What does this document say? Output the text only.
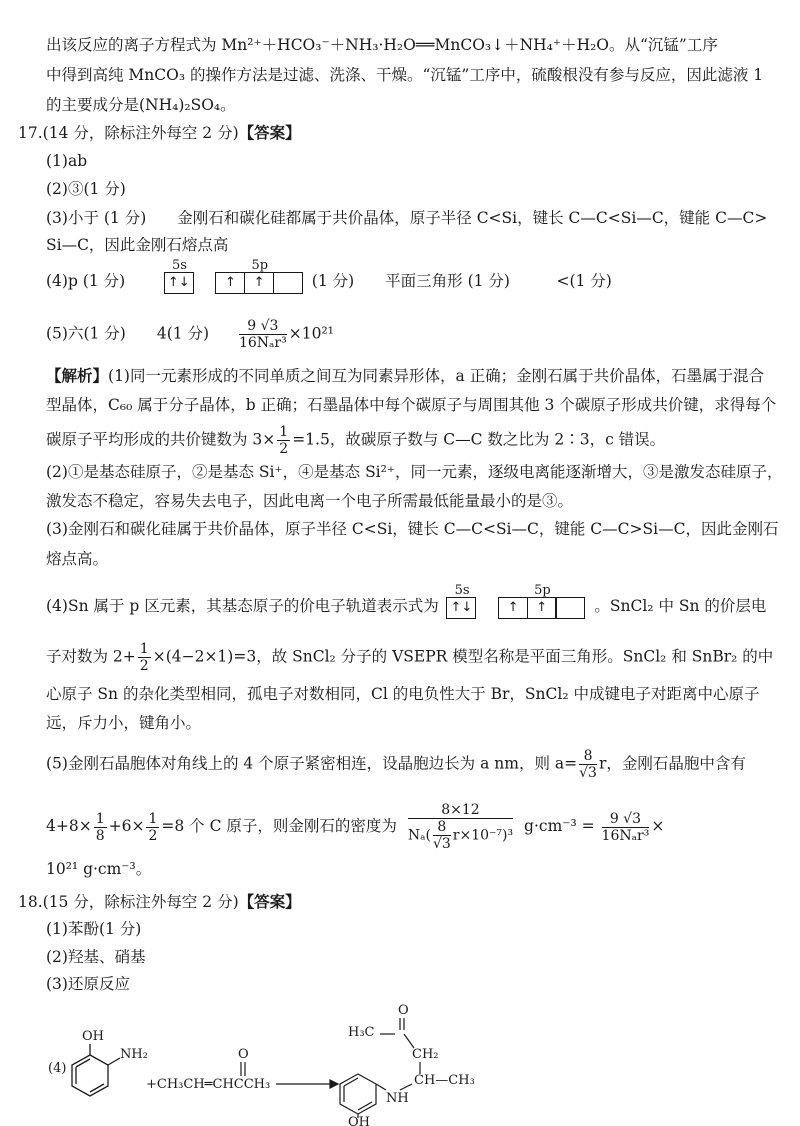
出该反应的离子方程式为 Mn²⁺＋HCO₃⁻＋NH₃·H₂O══MnCO₃↓＋NH₄⁺＋H₂O。从“沉锰”工序
中得到高纯 MnCO₃ 的操作方法是过滤、洗涤、干燥。“沉锰”工序中，硫酸根没有参与反应，因此滤液 1
的主要成分是(NH₄)₂SO₄。
17.(14 分，除标注外每空 2 分)【答案】
(1)ab
(2)③(1 分)
(3)小于 (1 分)　　金刚石和碳化硅都属于共价晶体，原子半径 C<Si，键长 C—C<Si—C，键能 C—C>
Si—C，因此金刚石熔点高
(4)p (1 分)
5s
↑↓
5p
↑ ↑	(1 分)　　平面三角形 (1 分)　　　<(1 分)
(5)六(1 分)　　4(1 分) $\frac{9 √3}{\text{16Nₐr³}} \times 10^{21}$
【解析】(1)同一元素形成的不同单质之间互为同素异形体，a 正确；金刚石属于共价晶体，石墨属于混合
型晶体，C₆₀ 属于分子晶体，b 正确；石墨晶体中每个碳原子与周围其他 3 个碳原子形成共价键，求得每个
碳原子平均形成的共价键数为 $3\times \frac{1}{2} =1.5$，故碳原子数与 C—C 数之比为 2∶3，c 错误。
(2)①是基态硅原子，②是基态 Si⁺，④是基态 Si²⁺，同一元素，逐级电离能逐渐增大，③是激发态硅原子，
激发态不稳定，容易失去电子，因此电离一个电子所需最低能量最小的是③。
(3)金刚石和碳化硅属于共价晶体，原子半径 C<Si，键长 C—C<Si—C，键能 C—C>Si—C，因此金刚石
熔点高。
(4)Sn 属于 p 区元素，其基态原子的价电子轨道表示式为
5s
↑↓
5p
↑ ↑	。SnCl₂ 中 Sn 的价层电
子对数为 $2+ \frac{1}{2} \times(4-2\times 1)=3$，故 SnCl₂ 分子的 VSEPR 模型名称是平面三角形。SnCl₂ 和 SnBr₂ 的中
心原子 Sn 的杂化类型相同，孤电子对数相同，Cl 的电负性大于 Br，SnCl₂ 中成键电子对距离中心原子
远，斥力小，键角小。
(5)金刚石晶胞体对角线上的 4 个原子紧密相连，设晶胞边长为 a nm，则 $a= \frac{8}{√3}$ r，金刚石晶胞中含有
$4+8\times \frac{1}{8} +6\times \frac{1}{2} =8$ 个 C 原子，则金刚石的密度为 $\frac{8\times 12}{N_a( \frac{8}{√3} r\times 10^{-7})^3} g\cdot cm^{-3} = \frac{9 √3}{\text{16Nₐr³}}$ ×
10²¹ g·cm⁻³。
18.(15 分，除标注外每空 2 分)【答案】
(1)苯酚(1 分)
(2)羟基、硝基
(3)还原反应
(4)
OH
NH₂
+CH₃CH═CHCCH₃
O
O
H₃C
CH₂
CH—CH₃
NH
OH
